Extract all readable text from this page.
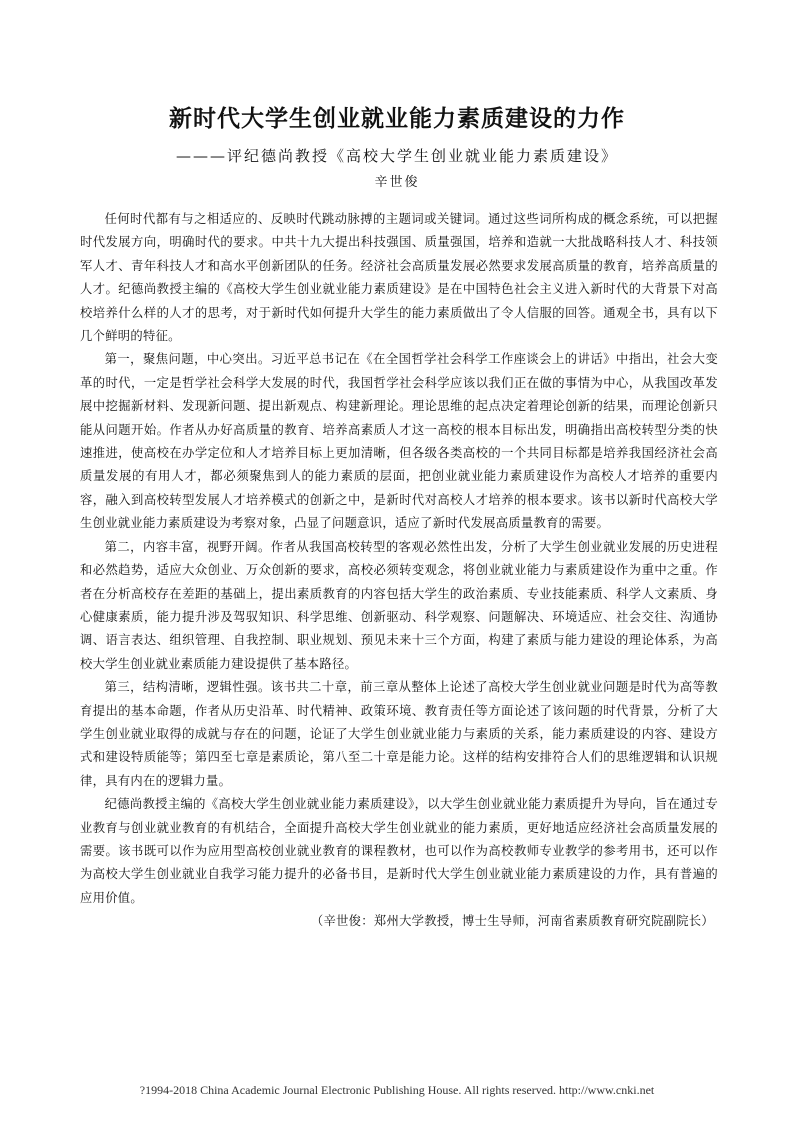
新时代大学生创业就业能力素质建设的力作
———评纪德尚教授《高校大学生创业就业能力素质建设》
辛世俊

任何时代都有与之相适应的、反映时代跳动脉搏的主题词或关键词。通过这些词所构成的概念系统，可以把握时代发展方向，明确时代的要求。中共十九大提出科技强国、质量强国，培养和造就一大批战略科技人才、科技领军人才、青年科技人才和高水平创新团队的任务。经济社会高质量发展必然要求发展高质量的教育，培养高质量的人才。纪德尚教授主编的《高校大学生创业就业能力素质建设》是在中国特色社会主义进入新时代的大背景下对高校培养什么样的人才的思考，对于新时代如何提升大学生的能力素质做出了令人信服的回答。通观全书，具有以下几个鲜明的特征。

第一，聚焦问题，中心突出。习近平总书记在《在全国哲学社会科学工作座谈会上的讲话》中指出，社会大变革的时代，一定是哲学社会科学大发展的时代，我国哲学社会科学应该以我们正在做的事情为中心，从我国改革发展中挖掘新材料、发现新问题、提出新观点、构建新理论。理论思维的起点决定着理论创新的结果，而理论创新只能从问题开始。作者从办好高质量的教育、培养高素质人才这一高校的根本目标出发，明确指出高校转型分类的快速推进，使高校在办学定位和人才培养目标上更加清晰，但各级各类高校的一个共同目标都是培养我国经济社会高质量发展的有用人才，都必须聚焦到人的能力素质的层面，把创业就业能力素质建设作为高校人才培养的重要内容，融入到高校转型发展人才培养模式的创新之中，是新时代对高校人才培养的根本要求。该书以新时代高校大学生创业就业能力素质建设为考察对象，凸显了问题意识，适应了新时代发展高质量教育的需要。

第二，内容丰富，视野开阔。作者从我国高校转型的客观必然性出发，分析了大学生创业就业发展的历史进程和必然趋势，适应大众创业、万众创新的要求，高校必须转变观念，将创业就业能力与素质建设作为重中之重。作者在分析高校存在差距的基础上，提出素质教育的内容包括大学生的政治素质、专业技能素质、科学人文素质、身心健康素质，能力提升涉及驾驭知识、科学思维、创新驱动、科学观察、问题解决、环境适应、社会交往、沟通协调、语言表达、组织管理、自我控制、职业规划、预见未来十三个方面，构建了素质与能力建设的理论体系，为高校大学生创业就业素质能力建设提供了基本路径。

第三，结构清晰，逻辑性强。该书共二十章，前三章从整体上论述了高校大学生创业就业问题是时代为高等教育提出的基本命题，作者从历史沿革、时代精神、政策环境、教育责任等方面论述了该问题的时代背景，分析了大学生创业就业取得的成就与存在的问题，论证了大学生创业就业能力与素质的关系，能力素质建设的内容、建设方式和建设特质能等；第四至七章是素质论，第八至二十章是能力论。这样的结构安排符合人们的思维逻辑和认识规律，具有内在的逻辑力量。

纪德尚教授主编的《高校大学生创业就业能力素质建设》，以大学生创业就业能力素质提升为导向，旨在通过专业教育与创业就业教育的有机结合，全面提升高校大学生创业就业的能力素质，更好地适应经济社会高质量发展的需要。该书既可以作为应用型高校创业就业教育的课程教材，也可以作为高校教师专业教学的参考用书，还可以作为高校大学生创业就业自我学习能力提升的必备书目，是新时代大学生创业就业能力素质建设的力作，具有普遍的应用价值。

（辛世俊：郑州大学教授，博士生导师，河南省素质教育研究院副院长）
?1994-2018 China Academic Journal Electronic Publishing House. All rights reserved. http://www.cnki.net
